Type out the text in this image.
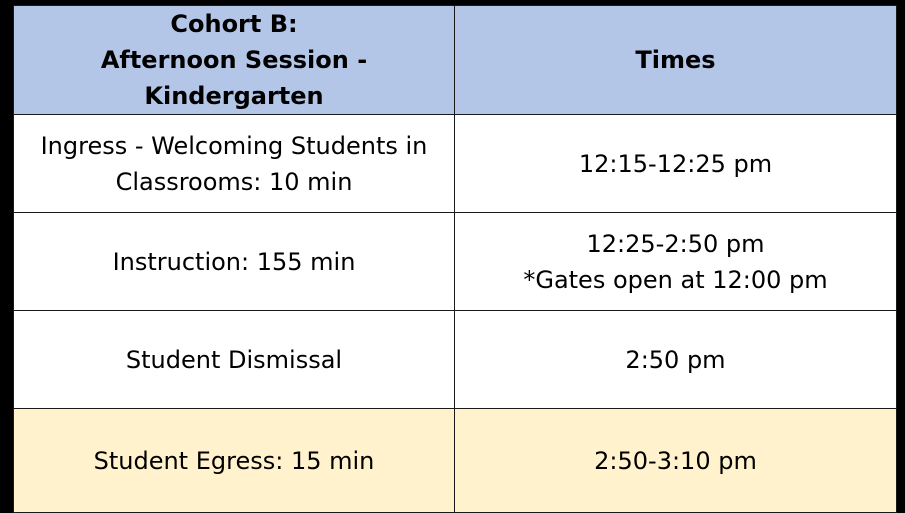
Cohort B:
Afternoon Session - Kindergarten	Times

Ingress - Welcoming Students in
Classrooms: 10 min	12:15-12:25 pm

Instruction: 155 min	12:25-2:50 pm
*Gates open at 12:00 pm

Student Dismissal	2:50 pm

Student Egress: 15 min	2:50-3:10 pm
